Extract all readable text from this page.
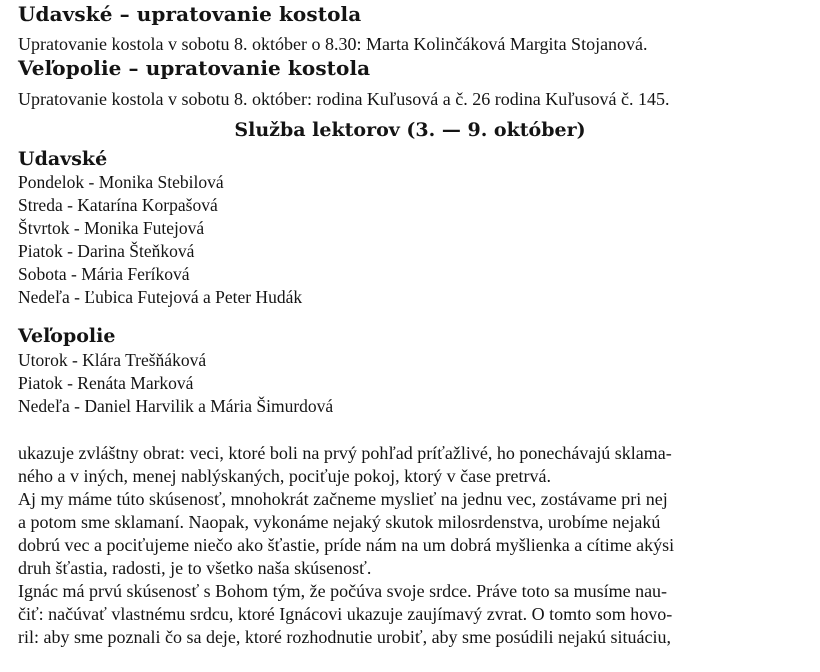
Udavské – upratovanie kostola
Upratovanie kostola v sobotu 8. október o 8.30: Marta Kolinčáková Margita Stojanová.
Veľopolie – upratovanie kostola
Upratovanie kostola v sobotu 8. október: rodina Kuľusová a č. 26 rodina Kuľusová č. 145.
Služba lektorov (3. — 9. október)
Udavské
Pondelok - Monika Stebilová
Streda - Katarína Korpašová
Štvrtok - Monika Futejová
Piatok - Darina Šteňková
Sobota - Mária Feríková
Nedeľa - Ľubica Futejová a Peter Hudák
Veľopolie
Utorok - Klára Trešňáková
Piatok - Renáta Marková
Nedeľa - Daniel Harvilik a Mária Šimurdová
ukazuje zvláštny obrat: veci, ktoré boli na prvý pohľad príťažlivé, ho ponechávajú sklama-
ného a v iných, menej nablýskaných, pociťuje pokoj, ktorý v čase pretrvá.
Aj my máme túto skúsenosť, mnohokrát začneme myslieť na jednu vec, zostávame pri nej
a potom sme sklamaní. Naopak, vykonáme nejaký skutok milosrdenstva, urobíme nejakú
dobrú vec a pociťujeme niečo ako šťastie, príde nám na um dobrá myšlienka a cítime akýsi
druh šťastia, radosti, je to všetko naša skúsenosť.
Ignác má prvú skúsenosť s Bohom tým, že počúva svoje srdce. Práve toto sa musíme nau-
čiť: načúvať vlastnému srdcu, ktoré Ignácovi ukazuje zaujímavý zvrat. O tomto som hovo-
ril: aby sme poznali čo sa deje, ktoré rozhodnutie urobiť, aby sme posúdili nejakú situáciu,
